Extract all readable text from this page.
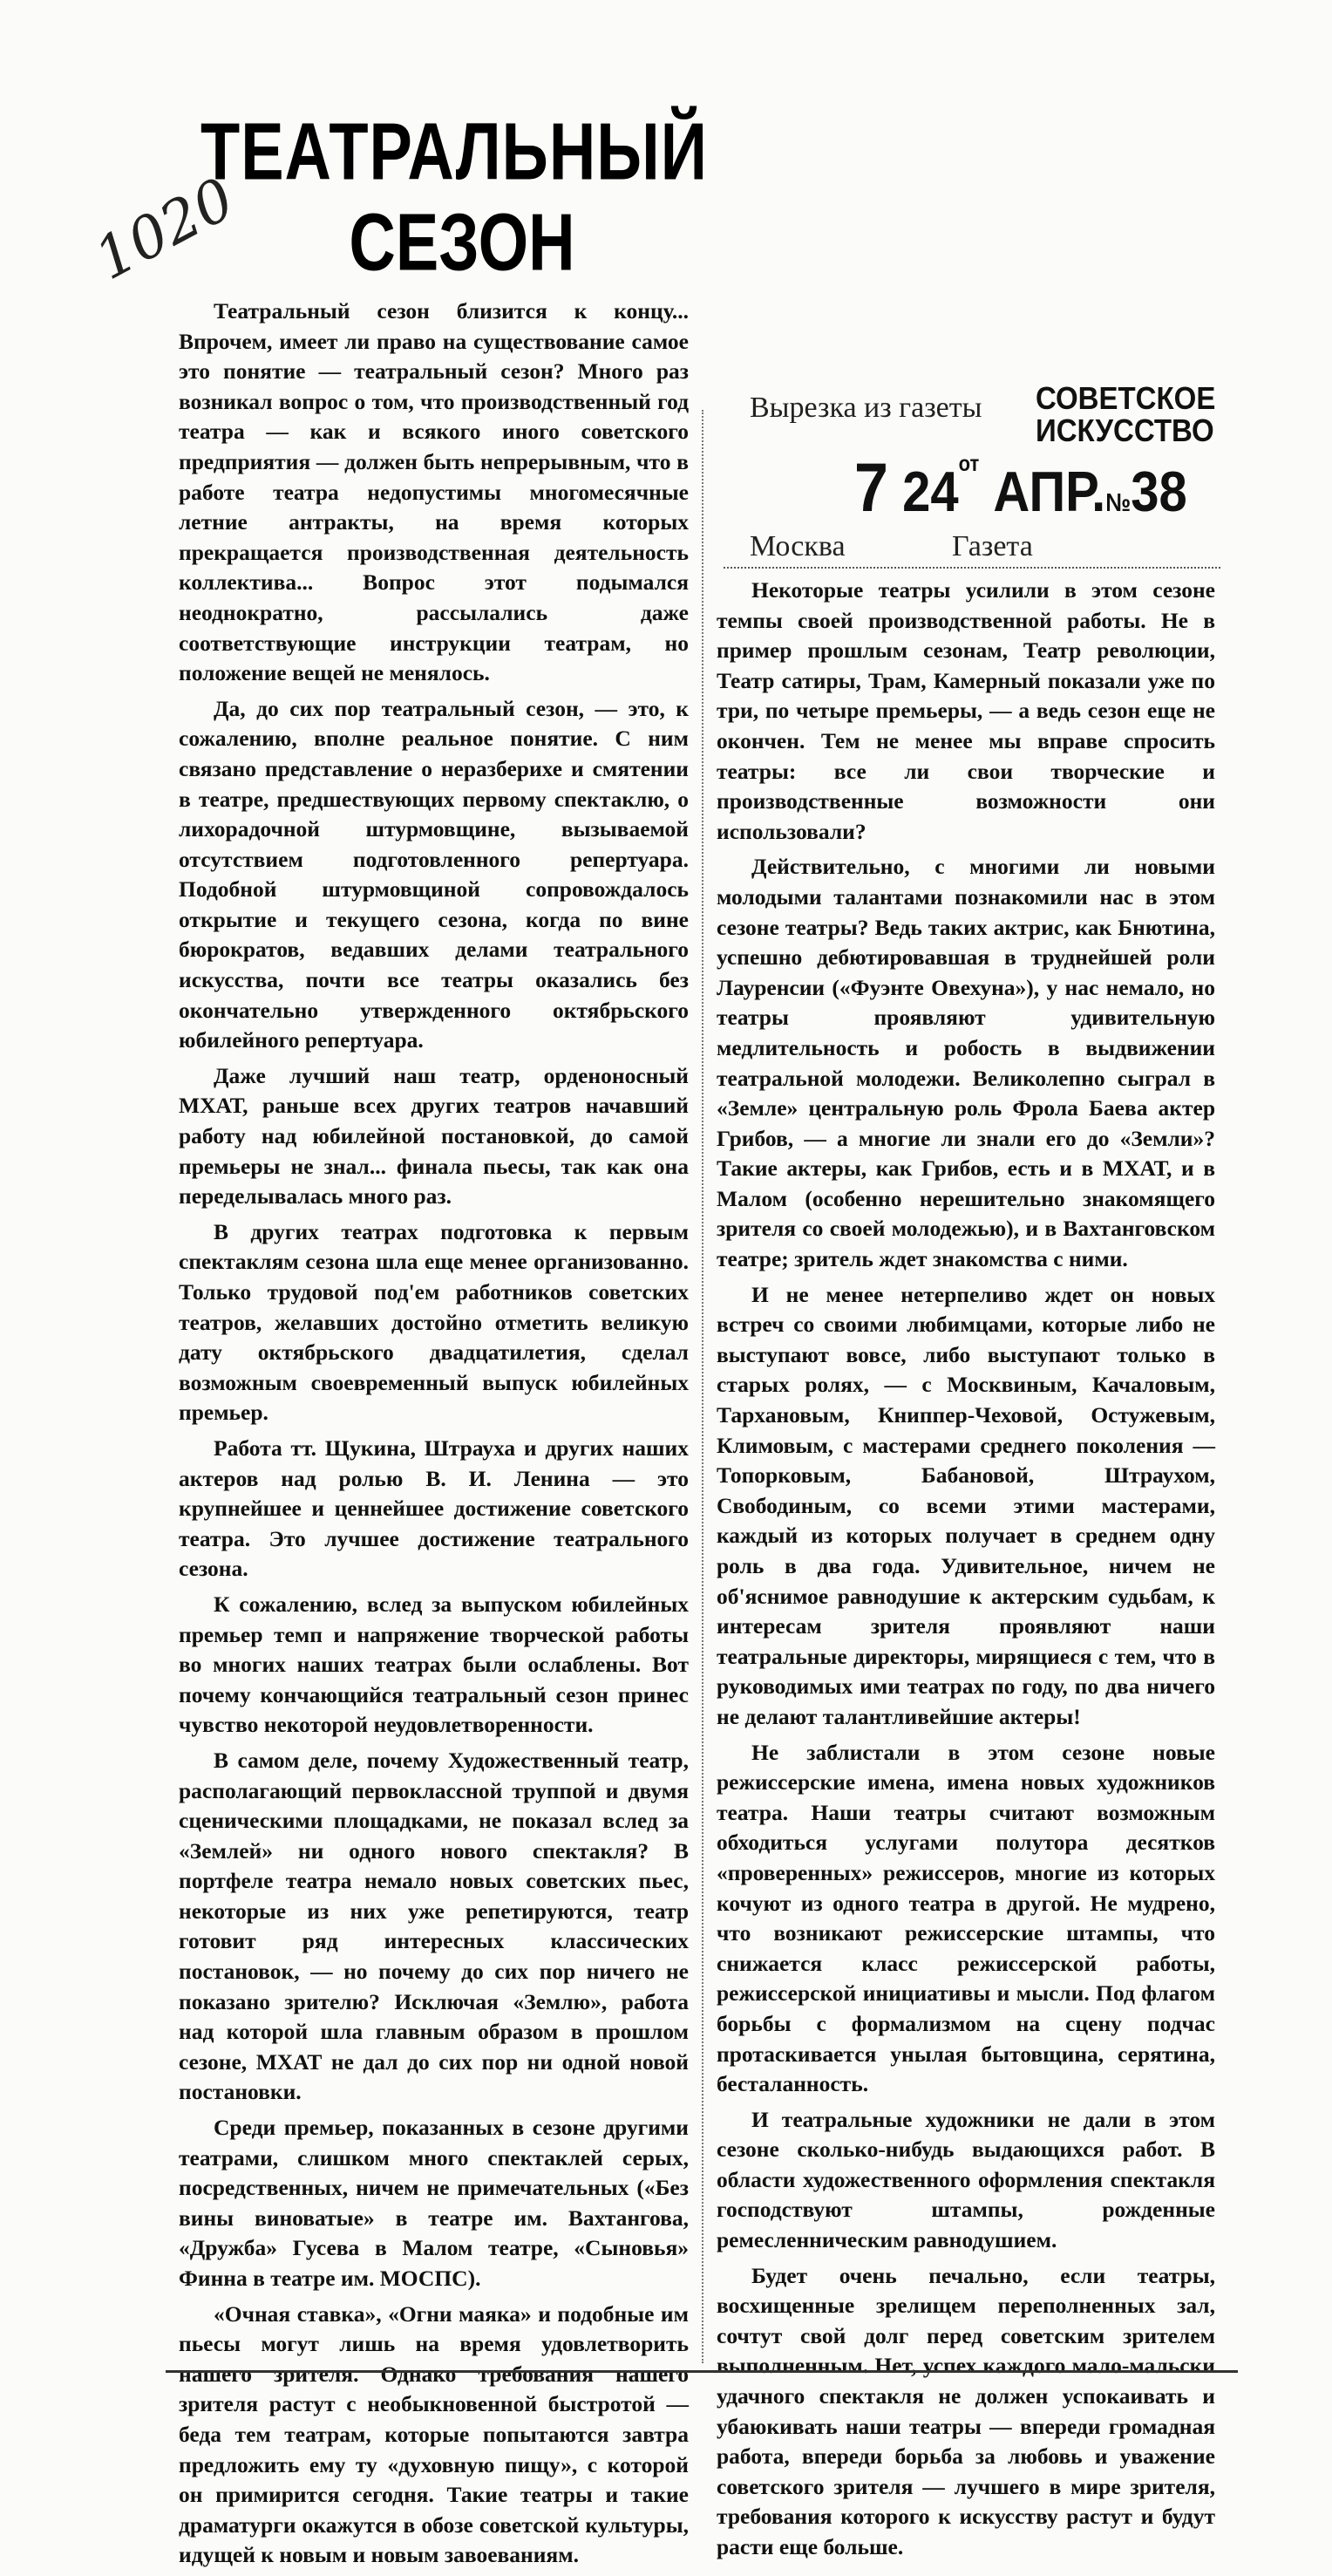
1020
ТЕАТРАЛЬНЫЙ
СЕЗОН

Театральный сезон близится к концу... Впрочем, имеет ли право на существование самое это понятие — театральный сезон? Много раз возникал вопрос о том, что производственный год театра — как и всякого иного советского предприятия — должен быть непрерывным, что в работе театра недопустимы многомесячные летние антракты, на время которых прекращается производственная деятельность коллектива... Вопрос этот подымался неоднократно, рассылались даже соответствующие инструкции театрам, но положение вещей не менялось.

Да, до сих пор театральный сезон, — это, к сожалению, вполне реальное понятие. С ним связано представление о неразберихе и смятении в театре, предшествующих первому спектаклю, о лихорадочной штурмовщине, вызываемой отсутствием подготовленного репертуара. Подобной штурмовщиной сопровождалось открытие и текущего сезона, когда по вине бюрократов, ведавших делами театрального искусства, почти все театры оказались без окончательно утвержденного октябрьского юбилейного репертуара.

Даже лучший наш театр, орденоносный МХАТ, раньше всех других театров начавший работу над юбилейной постановкой, до самой премьеры не знал... финала пьесы, так как она переделывалась много раз.

В других театрах подготовка к первым спектаклям сезона шла еще менее организованно. Только трудовой под'ем работников советских театров, желавших достойно отметить великую дату октябрьского двадцатилетия, сделал возможным своевременный выпуск юбилейных премьер.

Работа тт. Щукина, Штрауха и других наших актеров над ролью В. И. Ленина — это крупнейшее и ценнейшее достижение советского театра. Это лучшее достижение театрального сезона.

К сожалению, вслед за выпуском юбилейных премьер темп и напряжение творческой работы во многих наших театрах были ослаблены. Вот почему кончающийся театральный сезон принес чувство некоторой неудовлетворенности.

В самом деле, почему Художественный театр, располагающий первоклассной труппой и двумя сценическими площадками, не показал вслед за «Землей» ни одного нового спектакля? В портфеле театра немало новых советских пьес, некоторые из них уже репетируются, театр готовит ряд интересных классических постановок, — но почему до сих пор ничего не показано зрителю? Исключая «Землю», работа над которой шла главным образом в прошлом сезоне, МХАТ не дал до сих пор ни одной новой постановки.

Среди премьер, показанных в сезоне другими театрами, слишком много спектаклей серых, посредственных, ничем не примечательных («Без вины виноватые» в театре им. Вахтангова, «Дружба» Гусева в Малом театре, «Сыновья» Финна в театре им. МОСПС).

«Очная ставка», «Огни маяка» и подобные им пьесы могут лишь на время удовлетворить нашего зрителя. Однако требования нашего зрителя растут с необыкновенной быстротой — беда тем театрам, которые попытаются завтра предложить ему ту «духовную пищу», с которой он примирится сегодня. Такие театры и такие драматурги окажутся в обозе советской культуры, идущей к новым и новым завоеваниям.

Вырезка из газеты СОВЕТСКОЕ
ИСКУССТВО
7 $24^{от}$ АПР.№38
Москва	Газета

Некоторые театры усилили в этом сезоне темпы своей производственной работы. Не в пример прошлым сезонам, Театр революции, Театр сатиры, Трам, Камерный показали уже по три, по четыре премьеры, — а ведь сезон еще не окончен. Тем не менее мы вправе спросить театры: все ли свои творческие и производственные возможности они использовали?

Действительно, с многими ли новыми молодыми талантами познакомили нас в этом сезоне театры? Ведь таких актрис, как Бнютина, успешно дебютировавшая в труднейшей роли Лауренсии («Фуэнте Овехуна»), у нас немало, но театры проявляют удивительную медлительность и робость в выдвижении театральной молодежи. Великолепно сыграл в «Земле» центральную роль Фрола Баева актер Грибов, — а многие ли знали его до «Земли»? Такие актеры, как Грибов, есть и в МХАТ, и в Малом (особенно нерешительно знакомящего зрителя со своей молодежью), и в Вахтанговском театре; зритель ждет знакомства с ними.

И не менее нетерпеливо ждет он новых встреч со своими любимцами, которые либо не выступают вовсе, либо выступают только в старых ролях, — с Москвиным, Качаловым, Тархановым, Книппер-Чеховой, Остужевым, Климовым, с мастерами среднего поколения — Топорковым, Бабановой, Штраухом, Свободиным, со всеми этими мастерами, каждый из которых получает в среднем одну роль в два года. Удивительное, ничем не об'яснимое равнодушие к актерским судьбам, к интересам зрителя проявляют наши театральные директоры, мирящиеся с тем, что в руководимых ими театрах по году, по два ничего не делают талантливейшие актеры!

Не заблистали в этом сезоне новые режиссерские имена, имена новых художников театра. Наши театры считают возможным обходиться услугами полутора десятков «проверенных» режиссеров, многие из которых кочуют из одного театра в другой. Не мудрено, что возникают режиссерские штампы, что снижается класс режиссерской работы, режиссерской инициативы и мысли. Под флагом борьбы с формализмом на сцену подчас протаскивается унылая бытовщина, серятина, бесталанность.

И театральные художники не дали в этом сезоне сколько-нибудь выдающихся работ. В области художественного оформления спектакля господствуют штампы, рожденные ремесленническим равнодушием.

Будет очень печально, если театры, восхищенные зрелищем переполненных зал, сочтут свой долг перед советским зрителем выполненным. Нет, успех каждого мало-мальски удачного спектакля не должен успокаивать и убаюкивать наши театры — впереди громадная работа, впереди борьба за любовь и уважение советского зрителя — лучшего в мире зрителя, требования которого к искусству растут и будут расти еще больше.
